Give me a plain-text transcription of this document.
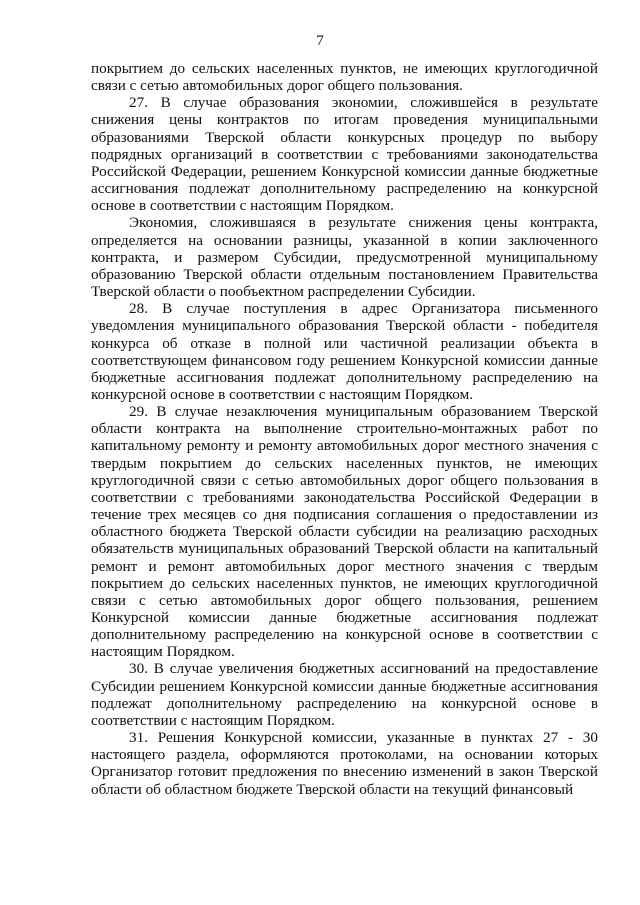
7

покрытием до сельских населенных пунктов, не имеющих круглогодичной связи с сетью автомобильных дорог общего пользования.

27. В случае образования экономии, сложившейся в результате снижения цены контрактов по итогам проведения муниципальными образованиями Тверской области конкурсных процедур по выбору подрядных организаций в соответствии с требованиями законодательства Российской Федерации, решением Конкурсной комиссии данные бюджетные ассигнования подлежат дополнительному распределению на конкурсной основе в соответствии с настоящим Порядком.

Экономия, сложившаяся в результате снижения цены контракта, определяется на основании разницы, указанной в копии заключенного контракта, и размером Субсидии, предусмотренной муниципальному образованию Тверской области отдельным постановлением Правительства Тверской области о пообъектном распределении Субсидии.

28. В случае поступления в адрес Организатора письменного уведомления муниципального образования Тверской области - победителя конкурса об отказе в полной или частичной реализации объекта в соответствующем финансовом году решением Конкурсной комиссии данные бюджетные ассигнования подлежат дополнительному распределению на конкурсной основе в соответствии с настоящим Порядком.

29. В случае незаключения муниципальным образованием Тверской области контракта на выполнение строительно-монтажных работ по капитальному ремонту и ремонту автомобильных дорог местного значения с твердым покрытием до сельских населенных пунктов, не имеющих круглогодичной связи с сетью автомобильных дорог общего пользования в соответствии с требованиями законодательства Российской Федерации в течение трех месяцев со дня подписания соглашения о предоставлении из областного бюджета Тверской области субсидии на реализацию расходных обязательств муниципальных образований Тверской области на капитальный ремонт и ремонт автомобильных дорог местного значения с твердым покрытием до сельских населенных пунктов, не имеющих круглогодичной связи с сетью автомобильных дорог общего пользования, решением Конкурсной комиссии данные бюджетные ассигнования подлежат дополнительному распределению на конкурсной основе в соответствии с настоящим Порядком.

30. В случае увеличения бюджетных ассигнований на предоставление Субсидии решением Конкурсной комиссии данные бюджетные ассигнования подлежат дополнительному распределению на конкурсной основе в соответствии с настоящим Порядком.

31. Решения Конкурсной комиссии, указанные в пунктах 27 - 30 настоящего раздела, оформляются протоколами, на основании которых Организатор готовит предложения по внесению изменений в закон Тверской области об областном бюджете Тверской области на текущий финансовый
